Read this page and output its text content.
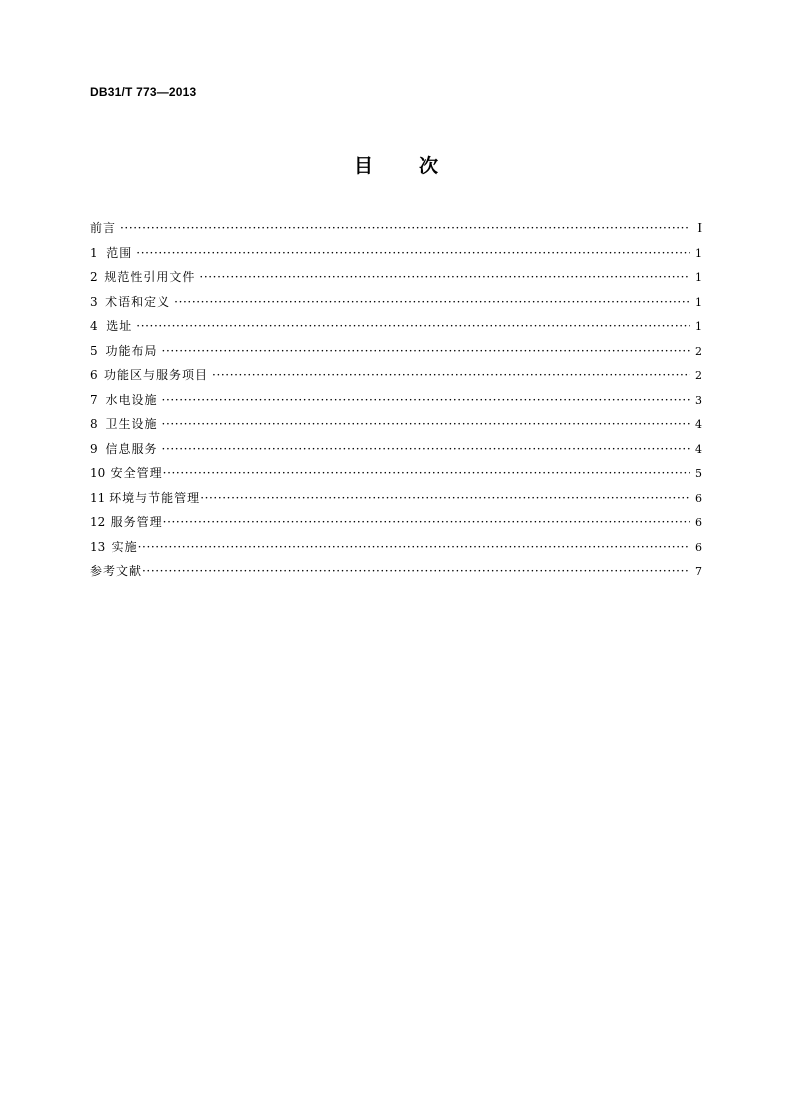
DB31/T 773—2013
目 次
前言 ·····	I
1 范围 ·····	1
2 规范性引用文件 ·····	1
3 术语和定义 ·····	1
4 选址 ·····	1
5 功能布局 ·····	2
6 功能区与服务项目 ·····	2
7 水电设施 ·····	3
8 卫生设施 ·····	4
9 信息服务 ·····	4
10 安全管理 ·····	5
11 环境与节能管理 ·····	6
12 服务管理 ·····	6
13 实施 ·····	6
参考文献 ·····	7
